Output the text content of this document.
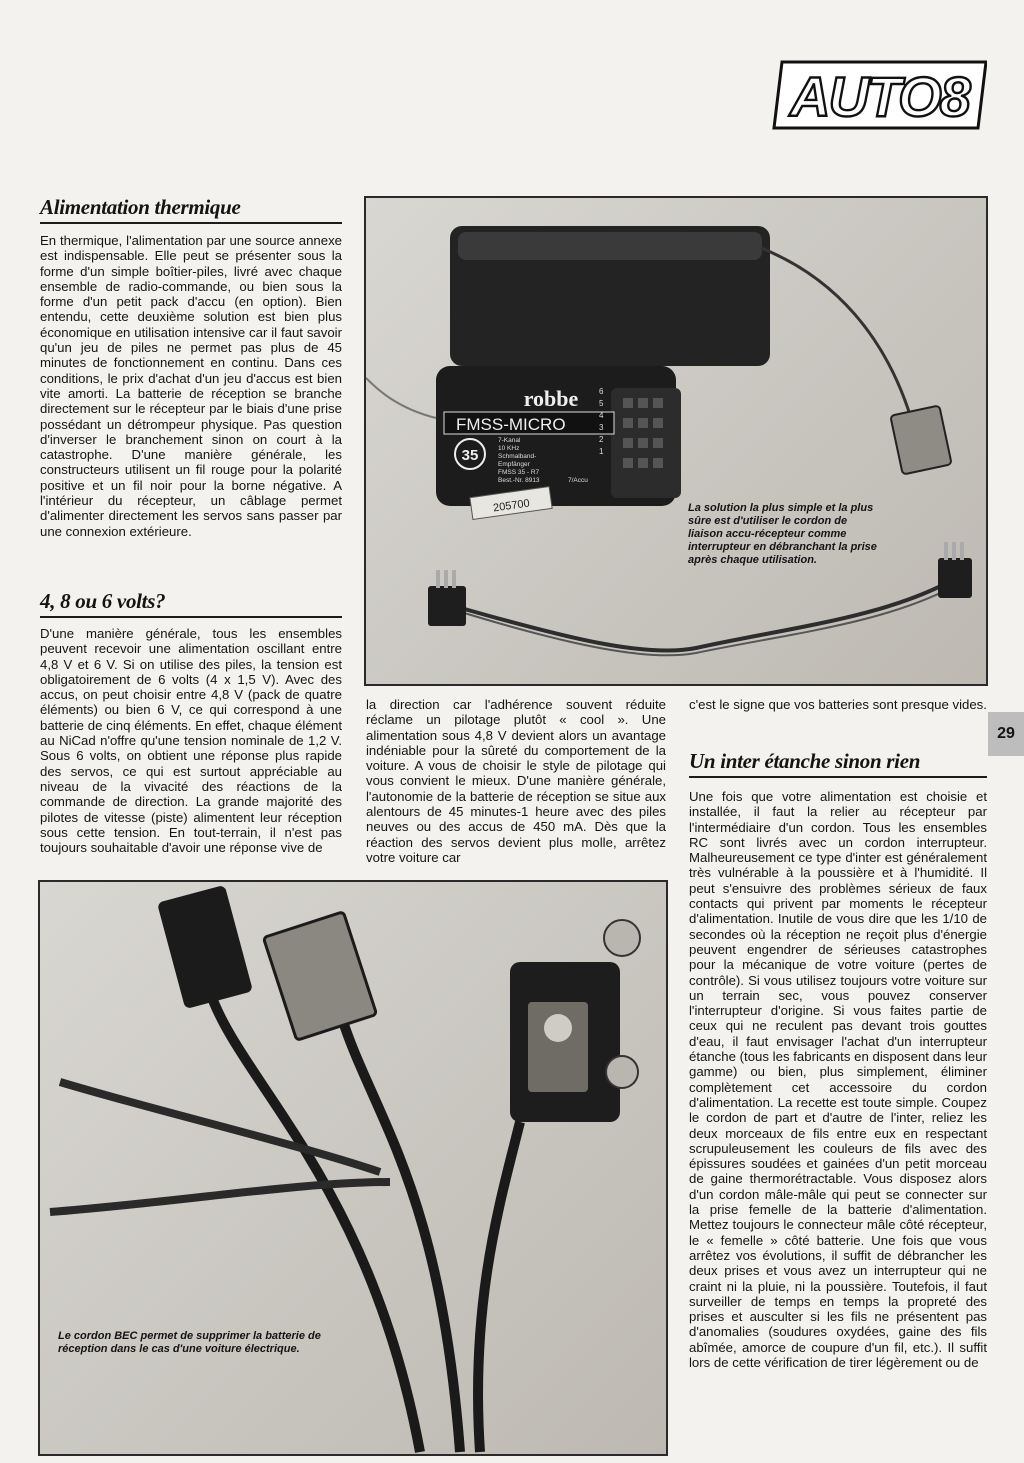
AUTO8
Alimentation thermique

En thermique, l'alimentation par une source annexe est indispensable. Elle peut se présenter sous la forme d'un simple boîtier-piles, livré avec chaque ensemble de radio-commande, ou bien sous la forme d'un petit pack d'accu (en option). Bien entendu, cette deuxième solution est bien plus économique en utilisation intensive car il faut savoir qu'un jeu de piles ne permet pas plus de 45 minutes de fonctionnement en continu. Dans ces conditions, le prix d'achat d'un jeu d'accus est bien vite amorti. La batterie de réception se branche directement sur le récepteur par le biais d'une prise possédant un détrompeur physique. Pas question d'inverser le branchement sinon on court à la catastrophe. D'une manière générale, les constructeurs utilisent un fil rouge pour la polarité positive et un fil noir pour la borne négative. A l'intérieur du récepteur, un câblage permet d'alimenter directement les servos sans passer par une connexion extérieure.

4, 8 ou 6 volts?

D'une manière générale, tous les ensembles peuvent recevoir une alimentation oscillant entre 4,8 V et 6 V. Si on utilise des piles, la tension est obligatoirement de 6 volts (4 x 1,5 V). Avec des accus, on peut choisir entre 4,8 V (pack de quatre éléments) ou bien 6 V, ce qui correspond à une batterie de cinq éléments. En effet, chaque élément au NiCad n'offre qu'une tension nominale de 1,2 V. Sous 6 volts, on obtient une réponse plus rapide des servos, ce qui est surtout appréciable au niveau de la vivacité des réactions de la commande de direction. La grande majorité des pilotes de vitesse (piste) alimentent leur réception sous cette tension. En tout-terrain, il n'est pas toujours souhaitable d'avoir une réponse vive de

la direction car l'adhérence souvent réduite réclame un pilotage plutôt « cool ». Une alimentation sous 4,8 V devient alors un avantage indéniable pour la sûreté du comportement de la voiture. A vous de choisir le style de pilotage qui vous convient le mieux. D'une manière générale, l'autonomie de la batterie de réception se situe aux alentours de 45 minutes-1 heure avec des piles neuves ou des accus de 450 mA. Dès que la réaction des servos devient plus molle, arrêtez votre voiture car

c'est le signe que vos batteries sont presque vides.

29
Un inter étanche sinon rien

Une fois que votre alimentation est choisie et installée, il faut la relier au récepteur par l'intermédiaire d'un cordon. Tous les ensembles RC sont livrés avec un cordon interrupteur. Malheureusement ce type d'inter est généralement très vulnérable à la poussière et à l'humidité. Il peut s'ensuivre des problèmes sérieux de faux contacts qui privent par moments le récepteur d'alimentation. Inutile de vous dire que les 1/10 de secondes où la réception ne reçoit plus d'énergie peuvent engendrer de sérieuses catastrophes pour la mécanique de votre voiture (pertes de contrôle). Si vous utilisez toujours votre voiture sur un terrain sec, vous pouvez conserver l'interrupteur d'origine. Si vous faites partie de ceux qui ne reculent pas devant trois gouttes d'eau, il faut envisager l'achat d'un interrupteur étanche (tous les fabricants en disposent dans leur gamme) ou bien, plus simplement, éliminer complètement cet accessoire du cordon d'alimentation. La recette est toute simple. Coupez le cordon de part et d'autre de l'inter, reliez les deux morceaux de fils entre eux en respectant scrupuleusement les couleurs de fils avec des épissures soudées et gainées d'un petit morceau de gaine thermorétractable. Vous disposez alors d'un cordon mâle-mâle qui peut se connecter sur la prise femelle de la batterie d'alimentation. Mettez toujours le connecteur mâle côté récepteur, le « femelle » côté batterie. Une fois que vous arrêtez vos évolutions, il suffit de débrancher les deux prises et vous avez un interrupteur qui ne craint ni la pluie, ni la poussière. Toutefois, il faut surveiller de temps en temps la propreté des prises et ausculter si les fils ne présentent pas d'anomalies (soudures oxydées, gaine des fils abîmée, amorce de coupure d'un fil, etc.). Il suffit lors de cette vérification de tirer légèrement ou de

robbe
FMSS-MICRO
35
7-Kanal
10 KHz
Schmalband-
Empfänger
FMSS 35 - R7
Best.-Nr. 8913	7/Accu
6
5
4
3
2
1
205700	La solution la plus simple et la plus sûre est d'utiliser le cordon de liaison accu-récepteur comme interrupteur en débranchant la prise après chaque utilisation.

Le cordon BEC permet de supprimer la batterie de réception dans le cas d'une voiture électrique.
